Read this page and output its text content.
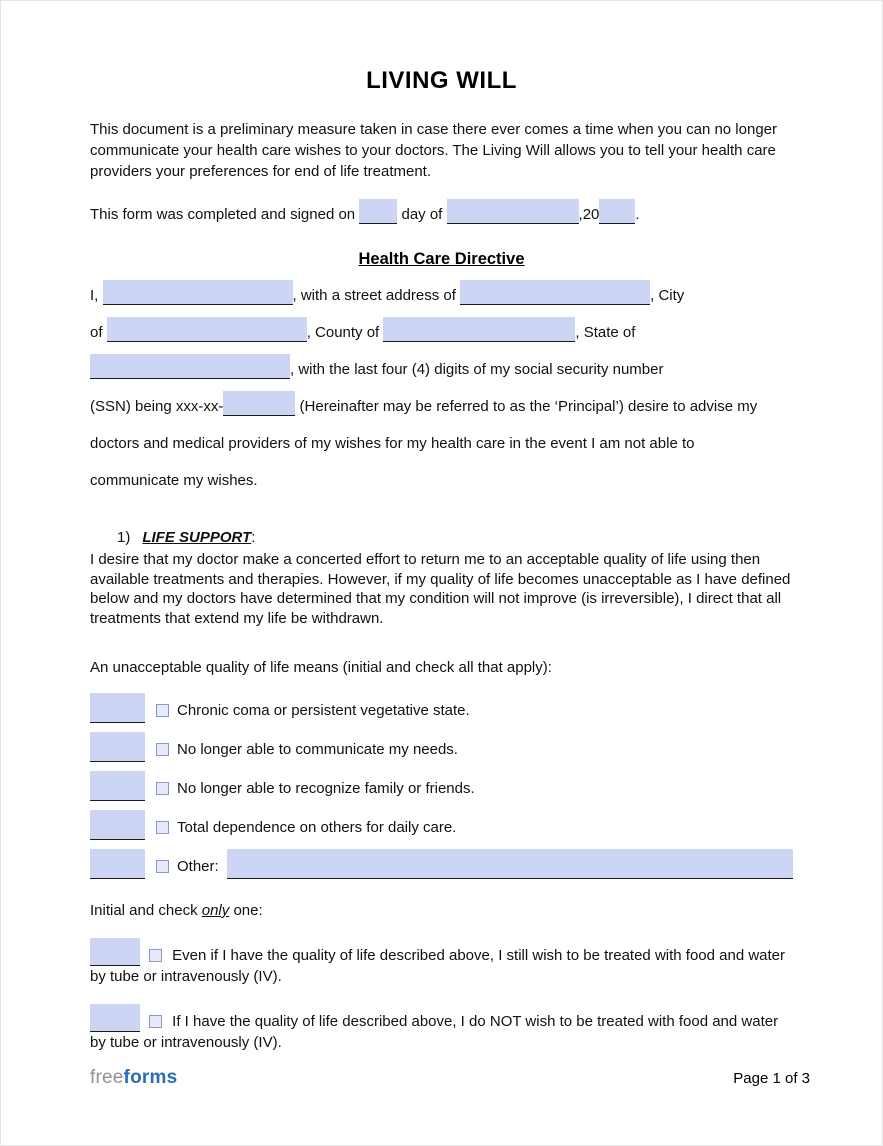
LIVING WILL

This document is a preliminary measure taken in case there ever comes a time when you can no longer communicate your health care wishes to your doctors. The Living Will allows you to tell your health care providers your preferences for end of life treatment.

This form was completed and signed on	day of	,20 .
Health Care Directive
I,	, with a street address of	, City
of	, County of	, State of
, with the last four (4) digits of my social security number
(SSN) being xxx-xx-	(Hereinafter may be referred to as the ‘Principal’) desire to advise my
doctors and medical providers of my wishes for my health care in the event I am not able to
communicate my wishes.
1) LIFE SUPPORT:

I desire that my doctor make a concerted effort to return me to an acceptable quality of life using then available treatments and therapies. However, if my quality of life becomes unacceptable as I have defined below and my doctors have determined that my condition will not improve (is irreversible), I direct that all treatments that extend my life be withdrawn.

An unacceptable quality of life means (initial and check all that apply):
Chronic coma or persistent vegetative state.
No longer able to communicate my needs.
No longer able to recognize family or friends.
Total dependence on others for daily care.
Other:
Initial and check only one:

Even if I have the quality of life described above, I still wish to be treated with food and water by tube or intravenously (IV).

If I have the quality of life described above, I do NOT wish to be treated with food and water by tube or intravenously (IV).

freeforms	Page 1 of 3
